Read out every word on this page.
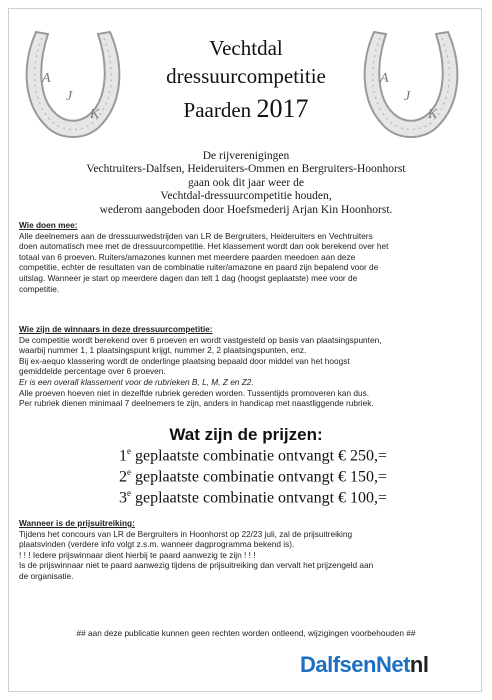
A
J
K
A
J
K
Vechtdal
dressuurcompetitie
Paarden 2017
De rijverenigingen
Vechtruiters-Dalfsen, Heideruiters-Ommen en Bergruiters-Hoonhorst
gaan ook dit jaar weer de
Vechtdal-dressuurcompetitie houden,
wederom aangeboden door Hoefsmederij Arjan Kin Hoonhorst.
Wie doen mee:
Alle deelnemers aan de dressuurwedstrijden van LR de Bergruiters, Heideruiters en Vechtruiters
doen automatisch mee met de dressuurcompetitie. Het klassement wordt dan ook berekend over het
totaal van 6 proeven. Ruiters/amazones kunnen met meerdere paarden meedoen aan deze
competitie, echter de resultaten van de combinatie ruiter/amazone en paard zijn bepalend voor de
uitslag. Wanneer je start op meerdere dagen dan telt 1 dag (hoogst geplaatste) mee voor de
competitie.
Wie zijn de winnaars in deze dressuurcompetitie:
De competitie wordt berekend over 6 proeven en wordt vastgesteld op basis van plaatsingspunten,
waarbij nummer 1, 1 plaatsingspunt krijgt, nummer 2, 2 plaatsingspunten, enz.
Bij ex-aequo klassering wordt de onderlinge plaatsing bepaald door middel van het hoogst
gemiddelde percentage over 6 proeven.
Er is een overall klassement voor de rubrieken B, L, M, Z en Z2.
Alle proeven hoeven niet in dezelfde rubriek gereden worden. Tussentijds promoveren kan dus.
Per rubriek dienen minimaal 7 deelnemers te zijn, anders in handicap met naastliggende rubriek.
Wat zijn de prijzen:
1e geplaatste combinatie ontvangt € 250,=
$2^e$ geplaatste combinatie ontvangt € 150,=
$3^e$ geplaatste combinatie ontvangt € 100,=
Wanneer is de prijsuitreiking:
Tijdens het concours van LR de Bergruiters in Hoonhorst op 22/23 juli, zal de prijsuitreiking
plaatsvinden (verdere info volgt z.s.m. wanneer dagprogramma bekend is).
! ! ! Iedere prijswinnaar dient hierbij te paard aanwezig te zijn ! ! !
Is de prijswinnaar niet te paard aanwezig tijdens de prijsuitreiking dan vervalt het prijzengeld aan
de organisatie.
## aan deze publicatie kunnen geen rechten worden ontleend, wijzigingen voorbehouden ##
DalfsenNetnl
